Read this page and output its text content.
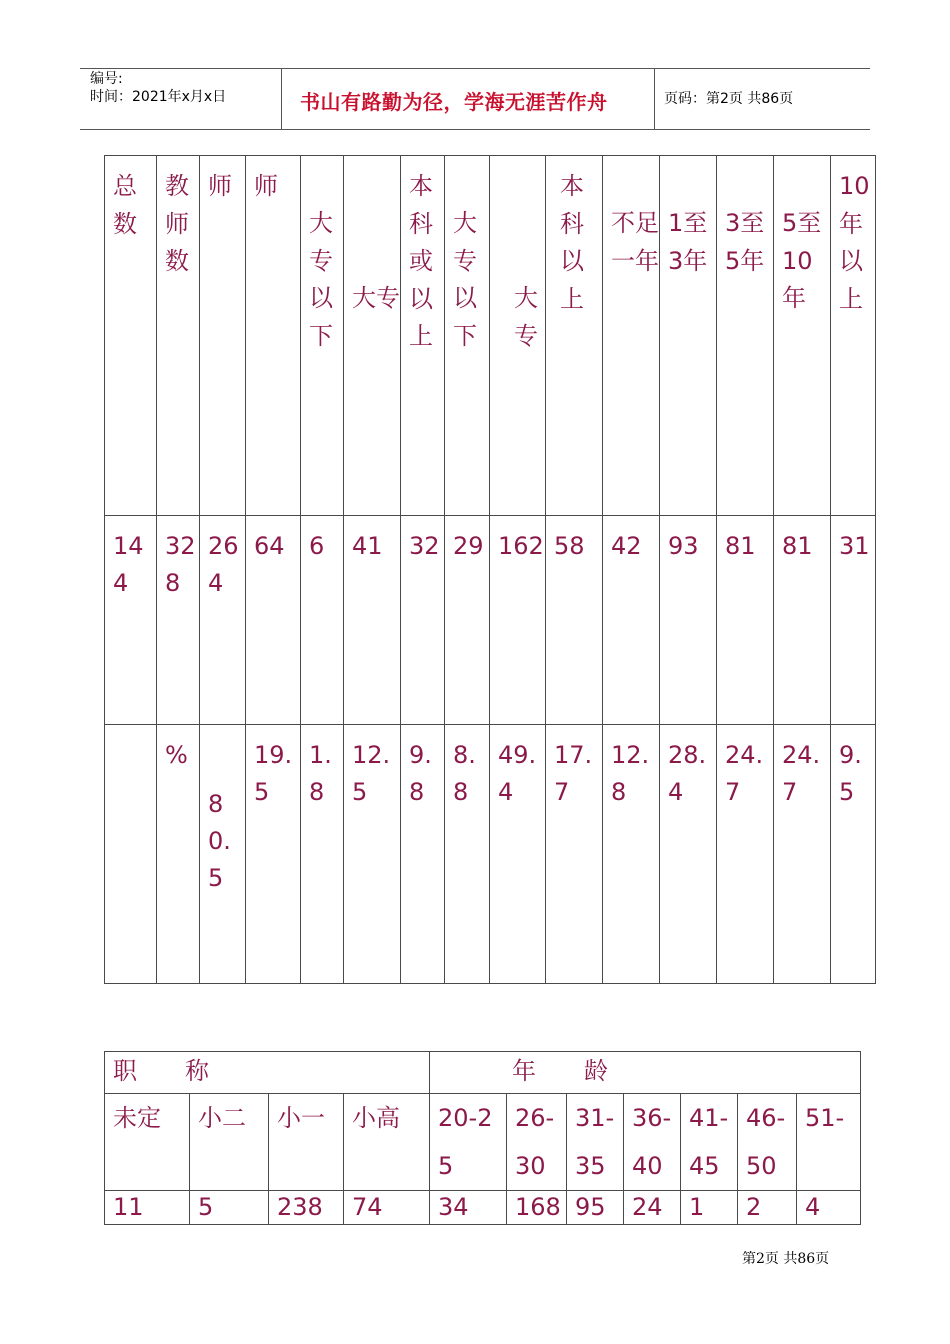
编号:
时间：2021年x月x日	书山有路勤为径，学海无涯苦作舟	页码：第2页 共86页
总数	教师数	师	师	大专以下	大专	本科或以上	大专以下	大专	本科以上	不足一年	1至3年	3至5年	5至10年	10年以上

144	328	264	64	6	41	32	29	162	58	42	93	81	81	31

	%	80.5	19.5	1.8	12.5	9.8	8.8	49.4	17.7	12.8	28.4	24.7	24.7	9.5
职　　称				年　　龄						
未定	小二	小一	小高	20-25	26-30	31-35	36-40	41-45	46-50	51-
11	5	238	74	34	168	95	24	1	2	4
第2页 共86页
